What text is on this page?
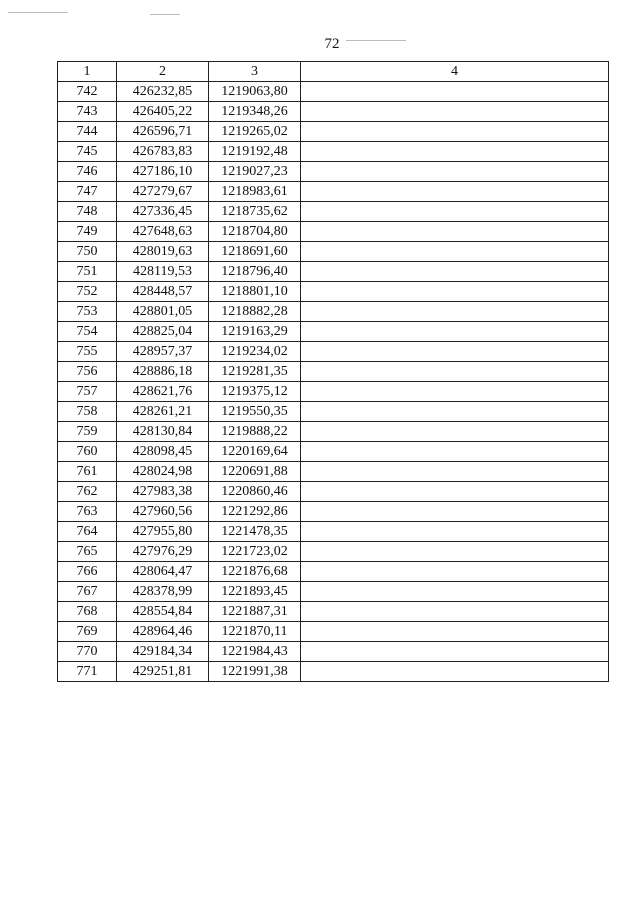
72
1	2	3	4
742	426232,85	1219063,80	
743	426405,22	1219348,26	
744	426596,71	1219265,02	
745	426783,83	1219192,48	
746	427186,10	1219027,23	
747	427279,67	1218983,61	
748	427336,45	1218735,62	
749	427648,63	1218704,80	
750	428019,63	1218691,60	
751	428119,53	1218796,40	
752	428448,57	1218801,10	
753	428801,05	1218882,28	
754	428825,04	1219163,29	
755	428957,37	1219234,02	
756	428886,18	1219281,35	
757	428621,76	1219375,12	
758	428261,21	1219550,35	
759	428130,84	1219888,22	
760	428098,45	1220169,64	
761	428024,98	1220691,88	
762	427983,38	1220860,46	
763	427960,56	1221292,86	
764	427955,80	1221478,35	
765	427976,29	1221723,02	
766	428064,47	1221876,68	
767	428378,99	1221893,45	
768	428554,84	1221887,31	
769	428964,46	1221870,11	
770	429184,34	1221984,43	
771	429251,81	1221991,38	
